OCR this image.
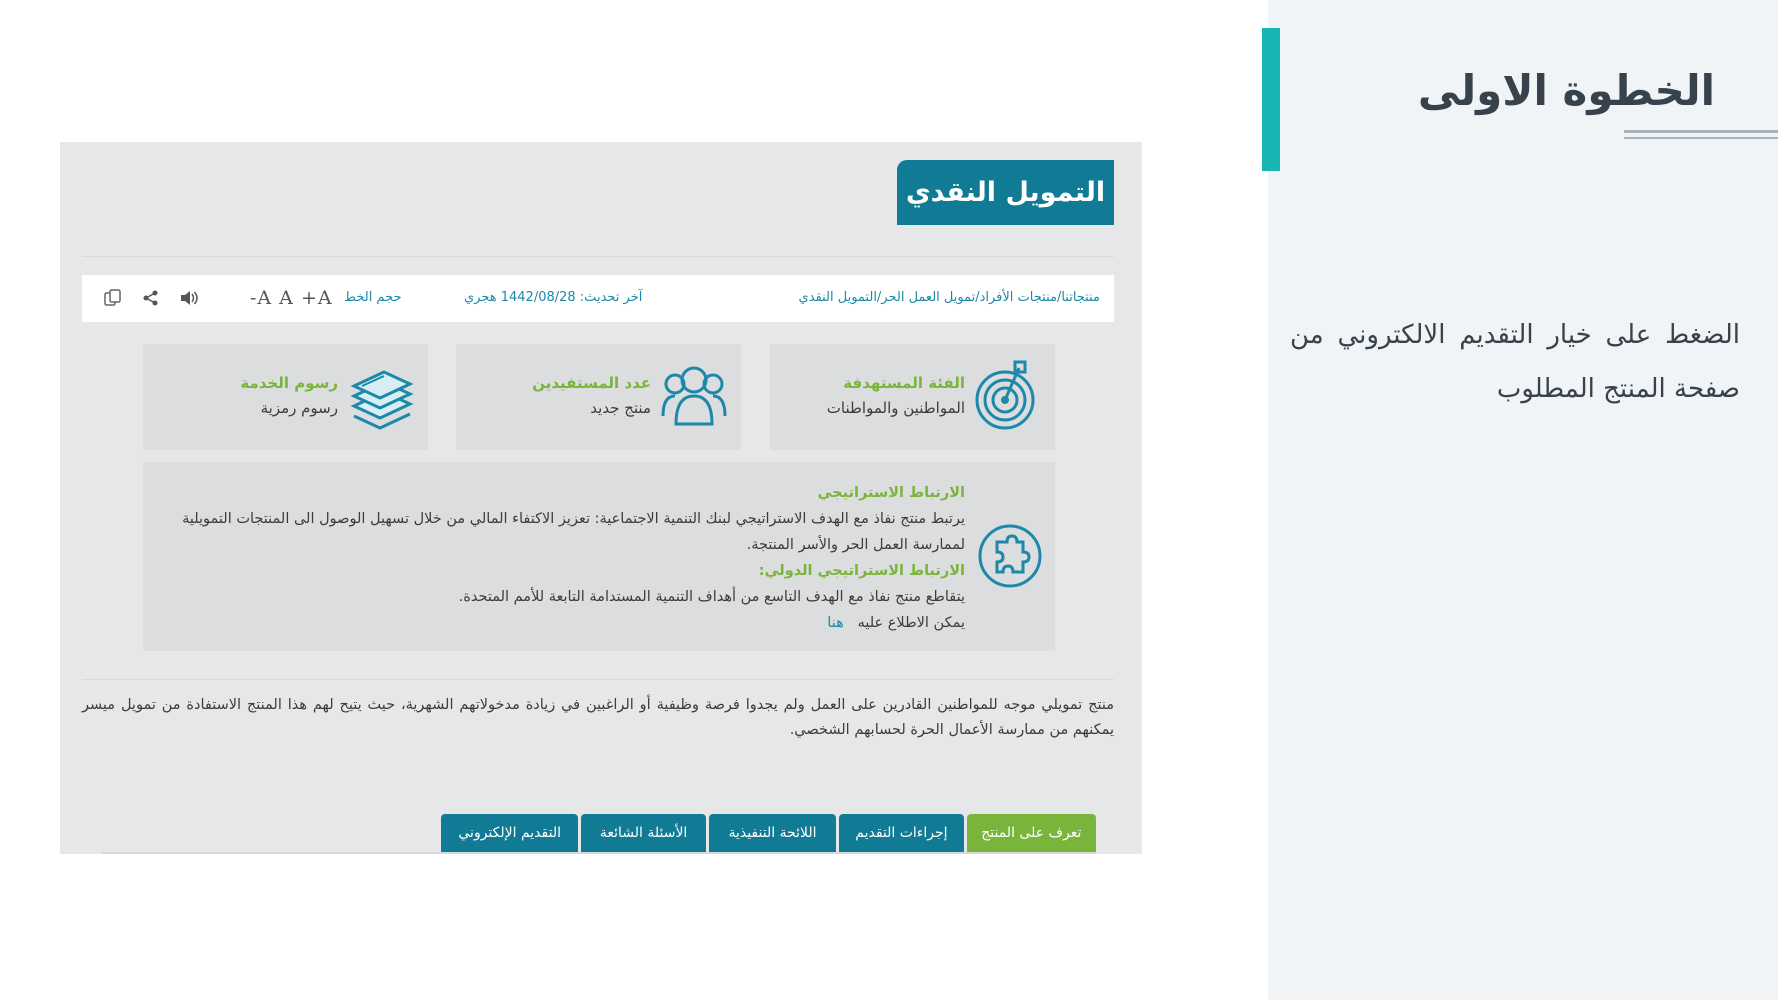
الخطوة الاولى
الضغط على خيار التقديم الالكتروني من صفحة المنتج المطلوب
التمويل النقدي
-A A +A حجم الخط	آخر تحديث: 1442/08/28 هجري	منتجاتنا/منتجات الأفراد/تمويل العمل الحر/التمويل النقدي
الفئة المستهدفة
المواطنين والمواطنات
عدد المستفيدين
منتج جديد
رسوم الخدمة
رسوم رمزية
الارتباط الاستراتيجي
يرتبط منتج نفاذ مع الهدف الاستراتيجي لبنك التنمية الاجتماعية: تعزيز الاكتفاء المالي من خلال تسهيل الوصول الى المنتجات التمويلية لممارسة العمل الحر والأسر المنتجة.
الارتباط الاستراتيجي الدولي:
يتقاطع منتج نفاذ مع الهدف التاسع من أهداف التنمية المستدامة التابعة للأمم المتحدة.
يمكن الاطلاع عليه   هنا
منتج تمويلي موجه للمواطنين القادرين على العمل ولم يجدوا فرصة وظيفية أو الراغبين في زيادة مدخولاتهم الشهرية، حيث يتيح لهم هذا المنتج الاستفادة من تمويل ميسر يمكنهم من ممارسة الأعمال الحرة لحسابهم الشخصي.
تعرف على المنتج
إجراءات التقديم
اللائحة التنفيذية
الأسئلة الشائعة
التقديم الإلكتروني
